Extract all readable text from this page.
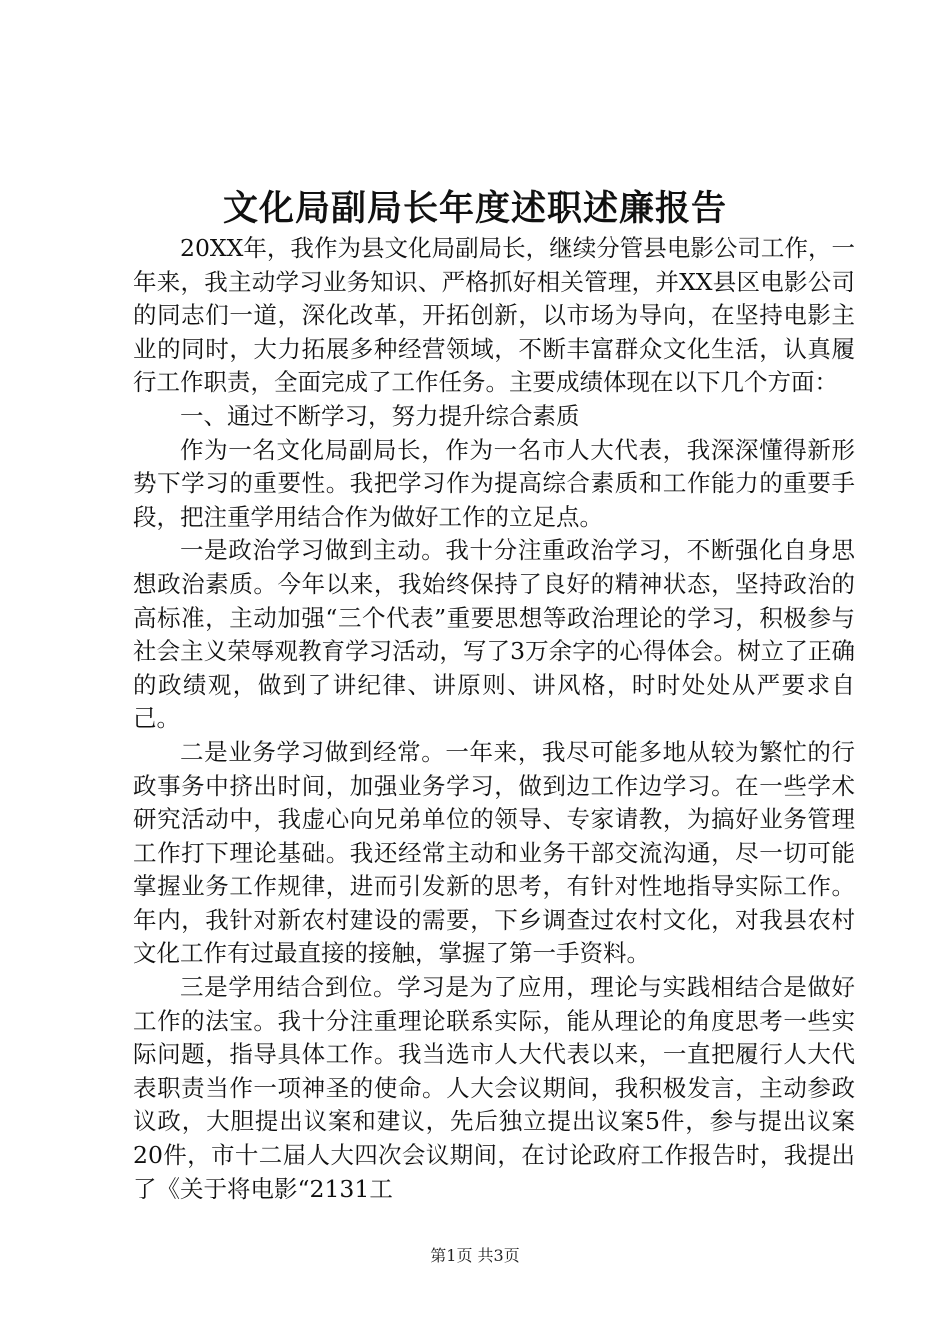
文化局副局长年度述职述廉报告

20XX年，我作为县文化局副局长，继续分管县电影公司工作，一年来，我主动学习业务知识、严格抓好相关管理，并XX县区电影公司的同志们一道，深化改革，开拓创新，以市场为导向，在坚持电影主业的同时，大力拓展多种经营领域，不断丰富群众文化生活，认真履行工作职责，全面完成了工作任务。主要成绩体现在以下几个方面：

一、通过不断学习，努力提升综合素质

作为一名文化局副局长，作为一名市人大代表，我深深懂得新形势下学习的重要性。我把学习作为提高综合素质和工作能力的重要手段，把注重学用结合作为做好工作的立足点。

一是政治学习做到主动。我十分注重政治学习，不断强化自身思想政治素质。今年以来，我始终保持了良好的精神状态，坚持政治的高标准，主动加强“三个代表”重要思想等政治理论的学习，积极参与社会主义荣辱观教育学习活动，写了3万余字的心得体会。树立了正确的政绩观，做到了讲纪律、讲原则、讲风格，时时处处从严要求自己。

二是业务学习做到经常。一年来，我尽可能多地从较为繁忙的行政事务中挤出时间，加强业务学习，做到边工作边学习。在一些学术研究活动中，我虚心向兄弟单位的领导、专家请教，为搞好业务管理工作打下理论基础。我还经常主动和业务干部交流沟通，尽一切可能掌握业务工作规律，进而引发新的思考，有针对性地指导实际工作。年内，我针对新农村建设的需要，下乡调查过农村文化，对我县农村文化工作有过最直接的接触，掌握了第一手资料。

三是学用结合到位。学习是为了应用，理论与实践相结合是做好工作的法宝。我十分注重理论联系实际，能从理论的角度思考一些实际问题，指导具体工作。我当选市人大代表以来，一直把履行人大代表职责当作一项神圣的使命。人大会议期间，我积极发言，主动参政议政，大胆提出议案和建议，先后独立提出议案5件，参与提出议案20件，市十二届人大四次会议期间，在讨论政府工作报告时，我提出了《关于将电影“2131工

第1页 共3页
